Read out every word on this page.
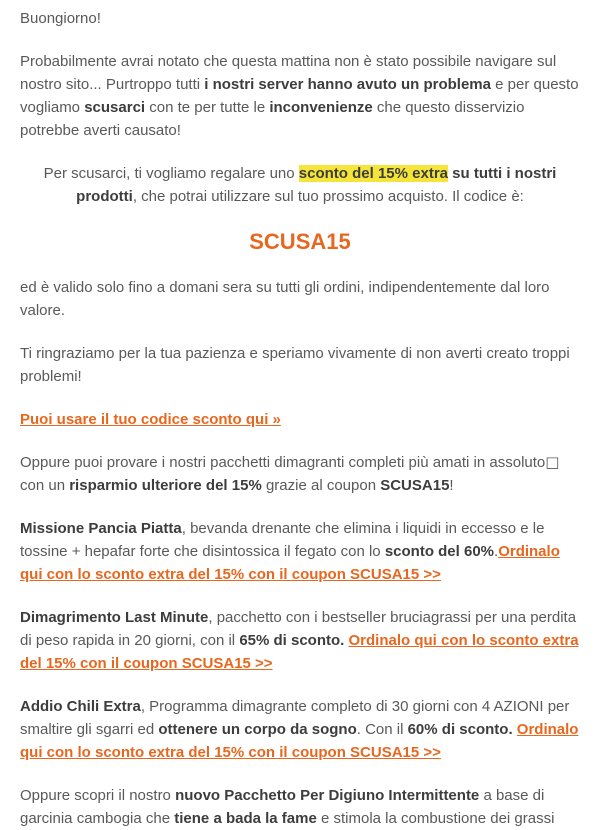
Buongiorno!

Probabilmente avrai notato che questa mattina non è stato possibile navigare sul nostro sito... Purtroppo tutti i nostri server hanno avuto un problema e per questo vogliamo scusarci con te per tutte le inconvenienze che questo disservizio potrebbe averti causato!

Per scusarci, ti vogliamo regalare uno sconto del 15% extra su tutti i nostri prodotti, che potrai utilizzare sul tuo prossimo acquisto. Il codice è:

SCUSA15

ed è valido solo fino a domani sera su tutti gli ordini, indipendentemente dal loro valore.

Ti ringraziamo per la tua pazienza e speriamo vivamente di non averti creato troppi problemi!

Puoi usare il tuo codice sconto qui »

Oppure puoi provare i nostri pacchetti dimagranti completi più amati in assoluto□ con un risparmio ulteriore del 15% grazie al coupon SCUSA15!

Missione Pancia Piatta, bevanda drenante che elimina i liquidi in eccesso e le tossine + hepafar forte che disintossica il fegato con lo sconto del 60%.Ordinalo qui con lo sconto extra del 15% con il coupon SCUSA15 >>

Dimagrimento Last Minute, pacchetto con i bestseller bruciagrassi per una perdita di peso rapida in 20 giorni, con il 65% di sconto. Ordinalo qui con lo sconto extra del 15% con il coupon SCUSA15 >>

Addio Chili Extra, Programma dimagrante completo di 30 giorni con 4 AZIONI per smaltire gli sgarri ed ottenere un corpo da sogno. Con il 60% di sconto. Ordinalo qui con lo sconto extra del 15% con il coupon SCUSA15 >>

Oppure scopri il nostro nuovo Pacchetto Per Digiuno Intermittente a base di garcinia cambogia che tiene a bada la fame e stimola la combustione dei grassi
